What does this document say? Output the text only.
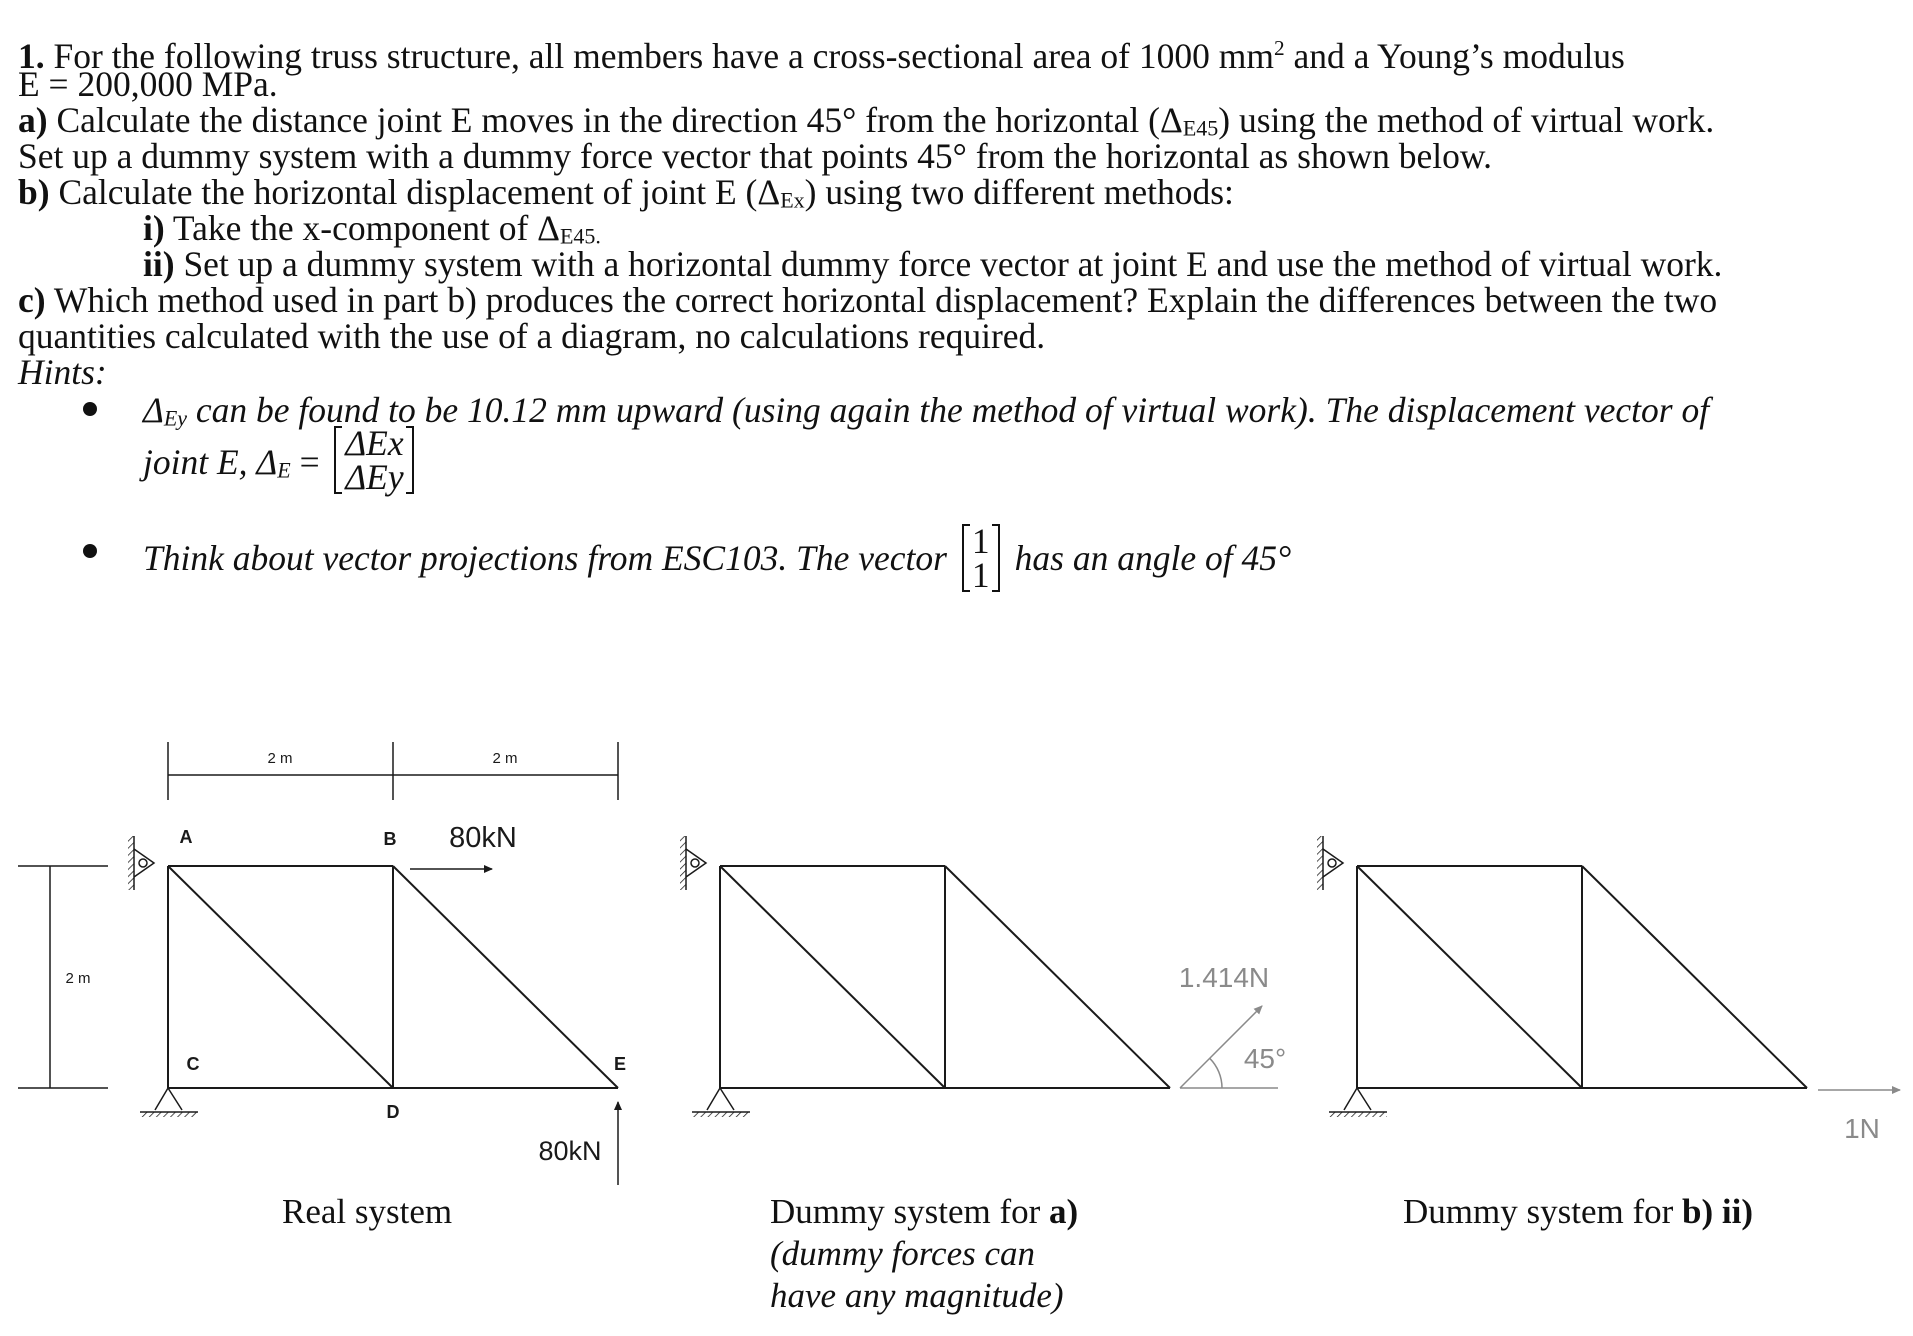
1. For the following truss structure, all members have a cross-sectional area of 1000 $mm^2$ and a Young’s modulus
E = 200,000 MPa.
a) Calculate the distance joint E moves in the direction 45° from the horizontal (ΔE45) using the method of virtual work.
Set up a dummy system with a dummy force vector that points 45° from the horizontal as shown below.
b) Calculate the horizontal displacement of joint E (ΔEx) using two different methods:
i) Take the x-component of ΔE45.
ii) Set up a dummy system with a horizontal dummy force vector at joint E and use the method of virtual work.
c) Which method used in part b) produces the correct horizontal displacement? Explain the differences between the two
quantities calculated with the use of a diagram, no calculations required.
Hints:
ΔEy can be found to be 10.12 mm upward (using again the method of virtual work). The displacement vector of
joint E, ΔE = ΔEx
ΔEy
Think about vector projections from ESC103. The vector 1
1 has an angle of 45°
2 m	2 m
2 m
A	B
C
D
E
80kN
80kN
1.414N
45°
1N
Real system	Dummy system for a)
(dummy forces can
have any magnitude)
Dummy system for b) ii)
